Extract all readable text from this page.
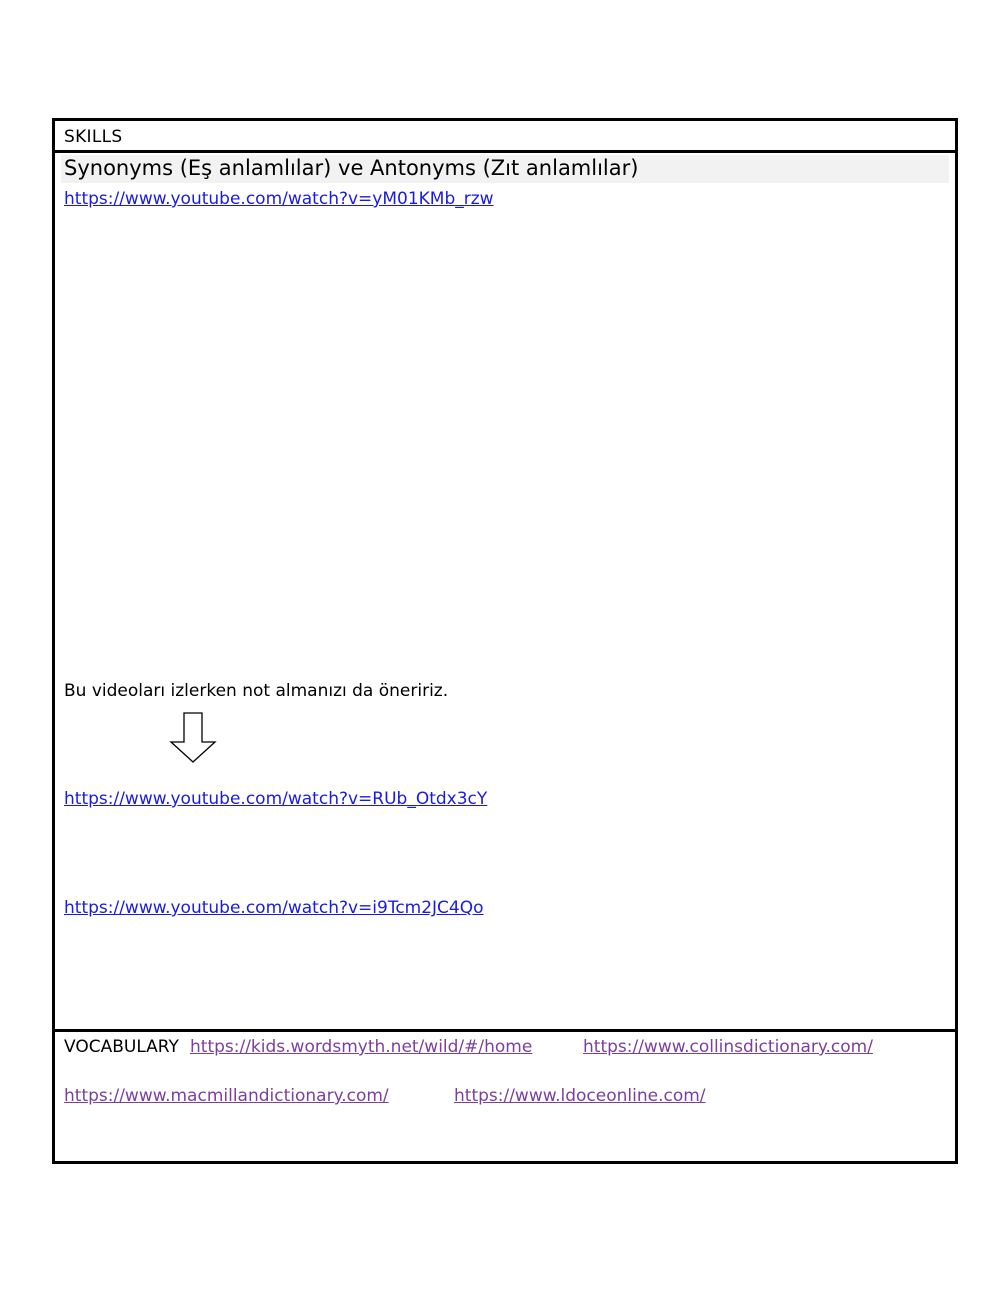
SKILLS
Synonyms (Eş anlamlılar) ve Antonyms (Zıt anlamlılar)
https://www.youtube.com/watch?v=yM01KMb_rzw
Bu videoları izlerken not almanızı da öneririz.
https://www.youtube.com/watch?v=RUb_Otdx3cY
https://www.youtube.com/watch?v=i9Tcm2JC4Qo
VOCABULARY https://kids.wordsmyth.net/wild/#/home	https://www.collinsdictionary.com/
https://www.macmillandictionary.com/	https://www.ldoceonline.com/
